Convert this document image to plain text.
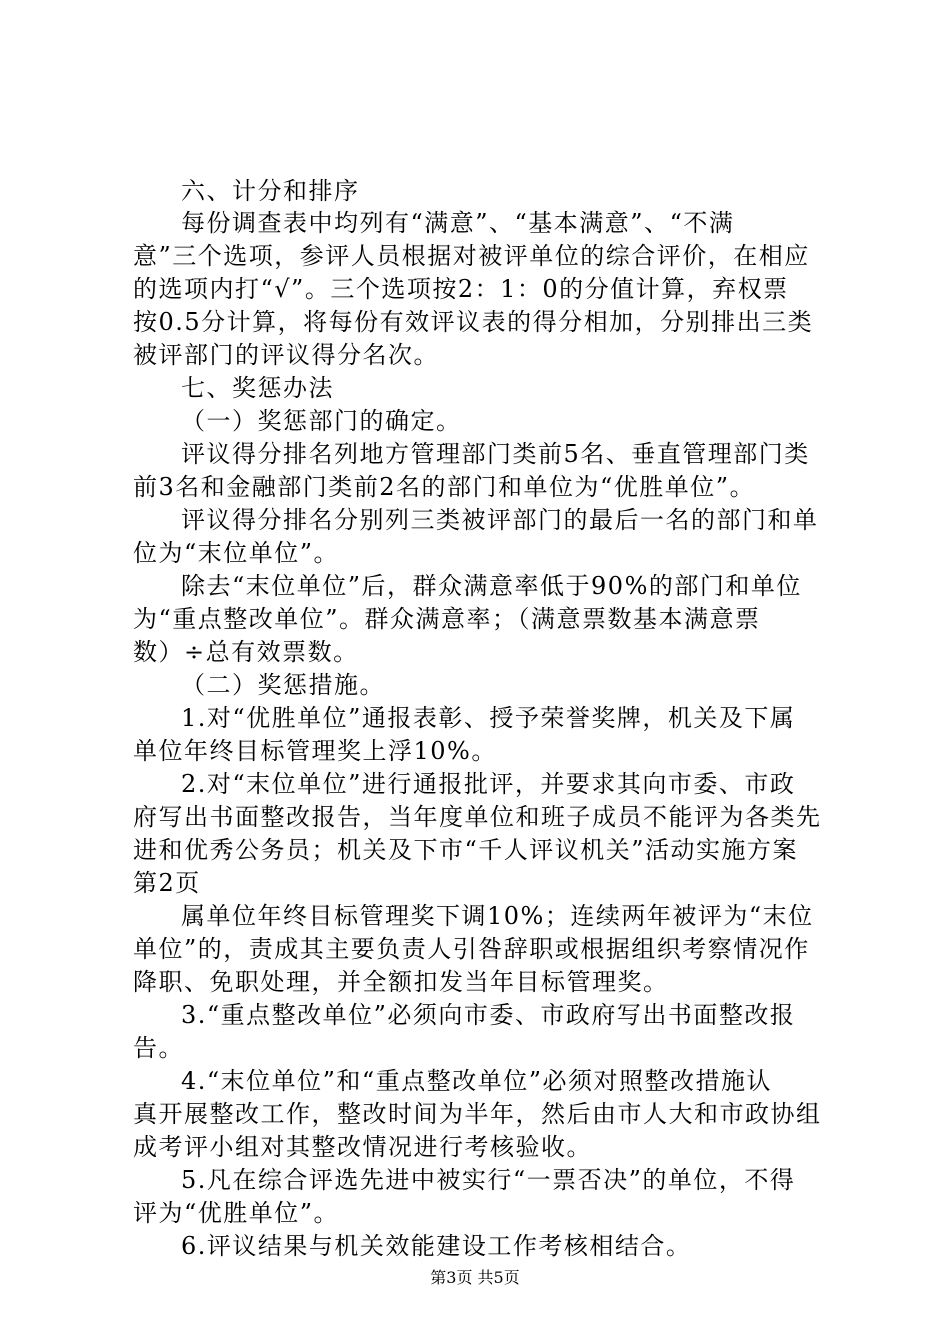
六、计分和排序
每份调查表中均列有“满意”、“基本满意”、“不满
意”三个选项，参评人员根据对被评单位的综合评价，在相应
的选项内打“√”。三个选项按2：1：0的分值计算，弃权票
按0.5分计算，将每份有效评议表的得分相加，分别排出三类
被评部门的评议得分名次。
七、奖惩办法
（一）奖惩部门的确定。
评议得分排名列地方管理部门类前5名、垂直管理部门类
前3名和金融部门类前2名的部门和单位为“优胜单位”。
评议得分排名分别列三类被评部门的最后一名的部门和单
位为“末位单位”。
除去“末位单位”后，群众满意率低于90%的部门和单位
为“重点整改单位”。群众满意率；（满意票数基本满意票
数）÷总有效票数。
（二）奖惩措施。
1.对“优胜单位”通报表彰、授予荣誉奖牌，机关及下属
单位年终目标管理奖上浮10%。
2.对“末位单位”进行通报批评，并要求其向市委、市政
府写出书面整改报告，当年度单位和班子成员不能评为各类先
进和优秀公务员；机关及下市“千人评议机关”活动实施方案
第2页
属单位年终目标管理奖下调10%；连续两年被评为“末位
单位”的，责成其主要负责人引咎辞职或根据组织考察情况作
降职、免职处理，并全额扣发当年目标管理奖。
3.“重点整改单位”必须向市委、市政府写出书面整改报
告。
4.“末位单位”和“重点整改单位”必须对照整改措施认
真开展整改工作，整改时间为半年，然后由市人大和市政协组
成考评小组对其整改情况进行考核验收。
5.凡在综合评选先进中被实行“一票否决”的单位，不得
评为“优胜单位”。
6.评议结果与机关效能建设工作考核相结合。
第3页 共5页
